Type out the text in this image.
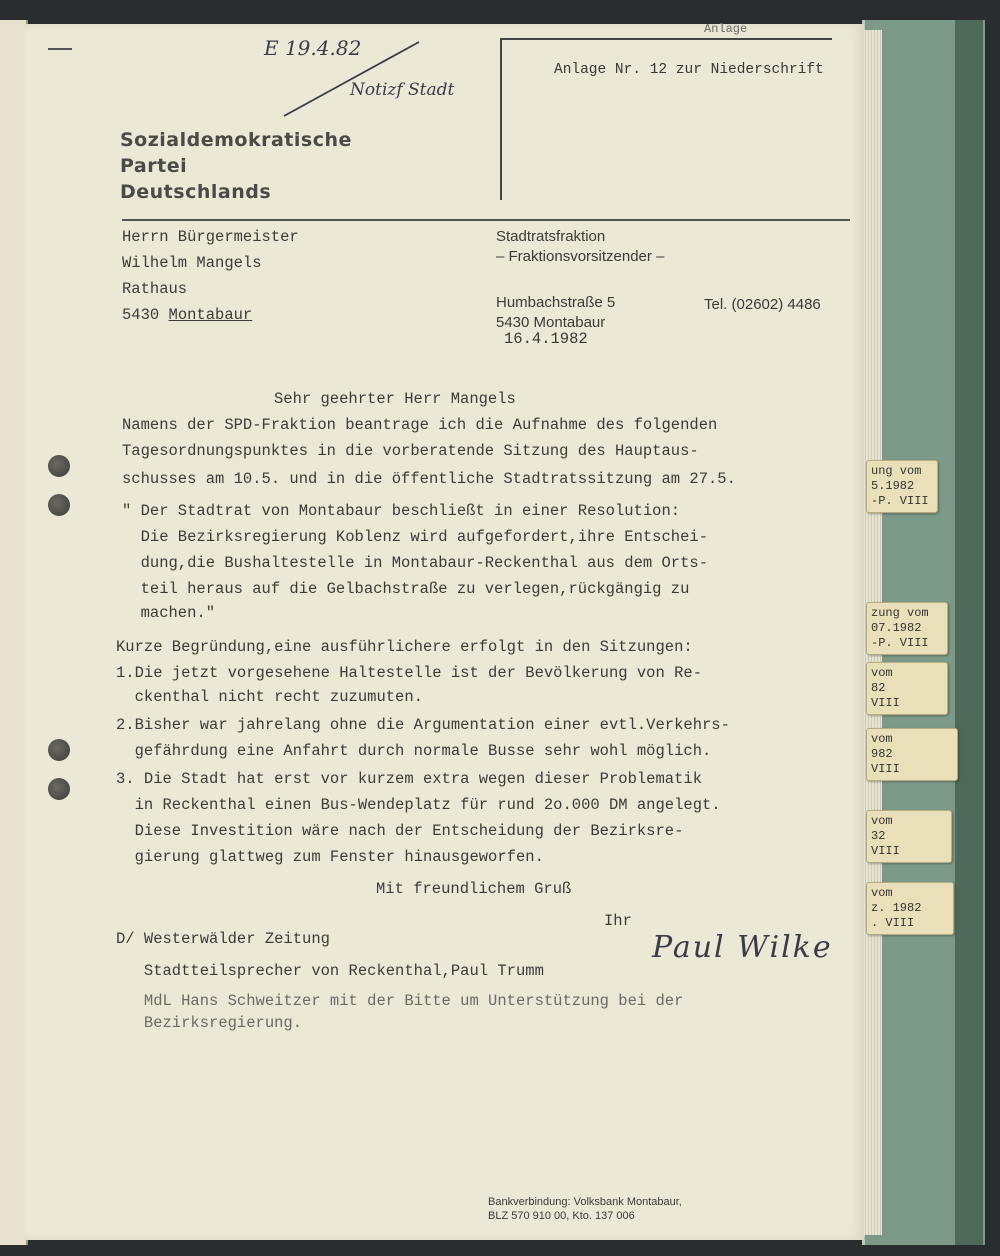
ung vom
5.1982
-P. VIII
zung vom
07.1982
-P. VIII
vom
82
VIII
vom
982
VIII
vom
32
VIII
vom
z. 1982
. VIII
E 19.4.82
Notizf Stadt
Anlage
Anlage Nr. 12 zur Niederschrift
Sozialdemokratische
Partei
Deutschlands
Herrn Bürgermeister
Wilhelm Mangels
Rathaus
5430 Montabaur
Stadtratsfraktion
– Fraktionsvorsitzender –
Humbachstraße 5
5430 Montabaur
Tel. (02602) 4486
16.4.1982
Sehr geehrter Herr Mangels
Namens der SPD-Fraktion beantrage ich die Aufnahme des folgenden
Tagesordnungspunktes in die vorberatende Sitzung des Hauptaus-
schusses am 10.5. und in die öffentliche Stadtratssitzung am 27.5.
" Der Stadtrat von Montabaur beschließt in einer Resolution:
Die Bezirksregierung Koblenz wird aufgefordert,ihre Entschei-
dung,die Bushaltestelle in Montabaur-Reckenthal aus dem Orts-
teil heraus auf die Gelbachstraße zu verlegen,rückgängig zu
machen."
Kurze Begründung,eine ausführlichere erfolgt in den Sitzungen:
1.Die jetzt vorgesehene Haltestelle ist der Bevölkerung von Re-
ckenthal nicht recht zuzumuten.
2.Bisher war jahrelang ohne die Argumentation einer evtl.Verkehrs-
gefährdung eine Anfahrt durch normale Busse sehr wohl möglich.
3. Die Stadt hat erst vor kurzem extra wegen dieser Problematik
in Reckenthal einen Bus-Wendeplatz für rund 2o.000 DM angelegt.
Diese Investition wäre nach der Entscheidung der Bezirksre-
gierung glattweg zum Fenster hinausgeworfen.
Mit freundlichem Gruß
Ihr
Paul Wilke
D/ Westerwälder Zeitung
Stadtteilsprecher von Reckenthal,Paul Trumm
MdL Hans Schweitzer mit der Bitte um Unterstützung bei der
Bezirksregierung.
Bankverbindung: Volksbank Montabaur,
BLZ 570 910 00, Kto. 137 006
